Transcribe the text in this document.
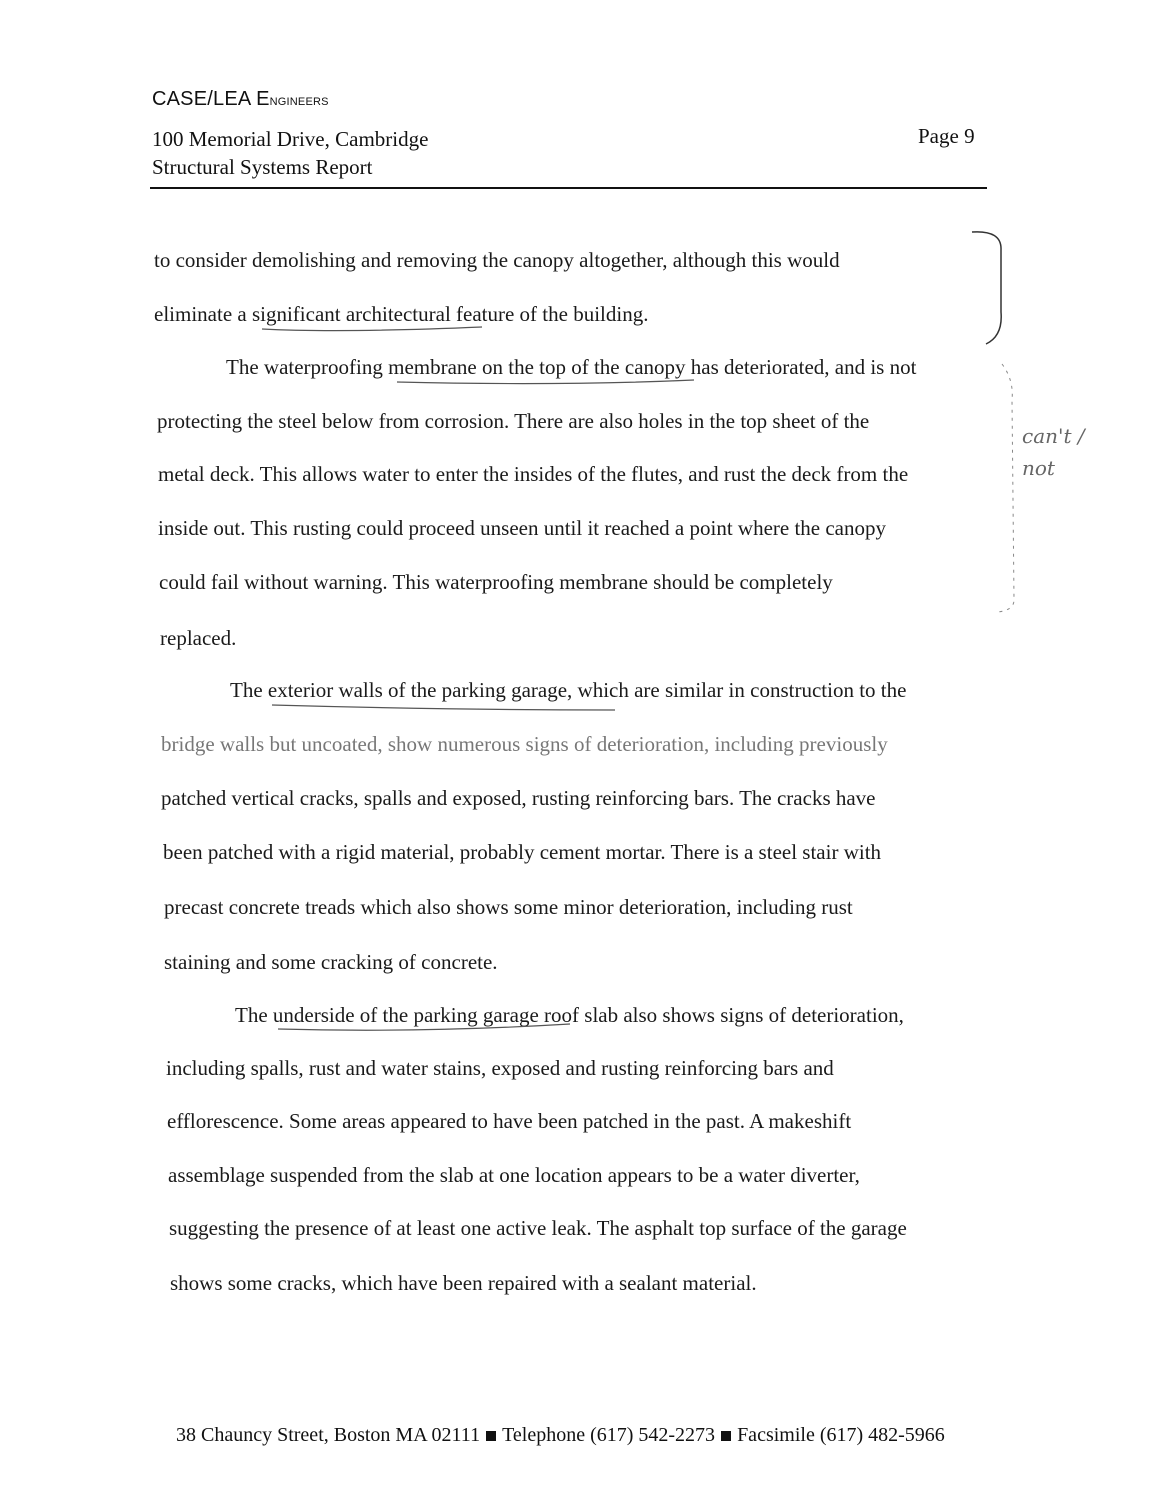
CASE/LEA Engineers
100 Memorial Drive, Cambridge
Structural Systems Report
Page 9
to consider demolishing and removing the canopy altogether, although this would
eliminate a significant architectural feature of the building.
The waterproofing membrane on the top of the canopy has deteriorated, and is not
protecting the steel below from corrosion. There are also holes in the top sheet of the
metal deck. This allows water to enter the insides of the flutes, and rust the deck from the
inside out. This rusting could proceed unseen until it reached a point where the canopy
could fail without warning. This waterproofing membrane should be completely
replaced.
The exterior walls of the parking garage, which are similar in construction to the
bridge walls but uncoated, show numerous signs of deterioration, including previously
patched vertical cracks, spalls and exposed, rusting reinforcing bars. The cracks have
been patched with a rigid material, probably cement mortar. There is a steel stair with
precast concrete treads which also shows some minor deterioration, including rust
staining and some cracking of concrete.
The underside of the parking garage roof slab also shows signs of deterioration,
including spalls, rust and water stains, exposed and rusting reinforcing bars and
efflorescence. Some areas appeared to have been patched in the past. A makeshift
assemblage suspended from the slab at one location appears to be a water diverter,
suggesting the presence of at least one active leak. The asphalt top surface of the garage
shows some cracks, which have been repaired with a sealant material.
can't / not
38 Chauncy Street, Boston MA 02111 Telephone (617) 542-2273 Facsimile (617) 482-5966
